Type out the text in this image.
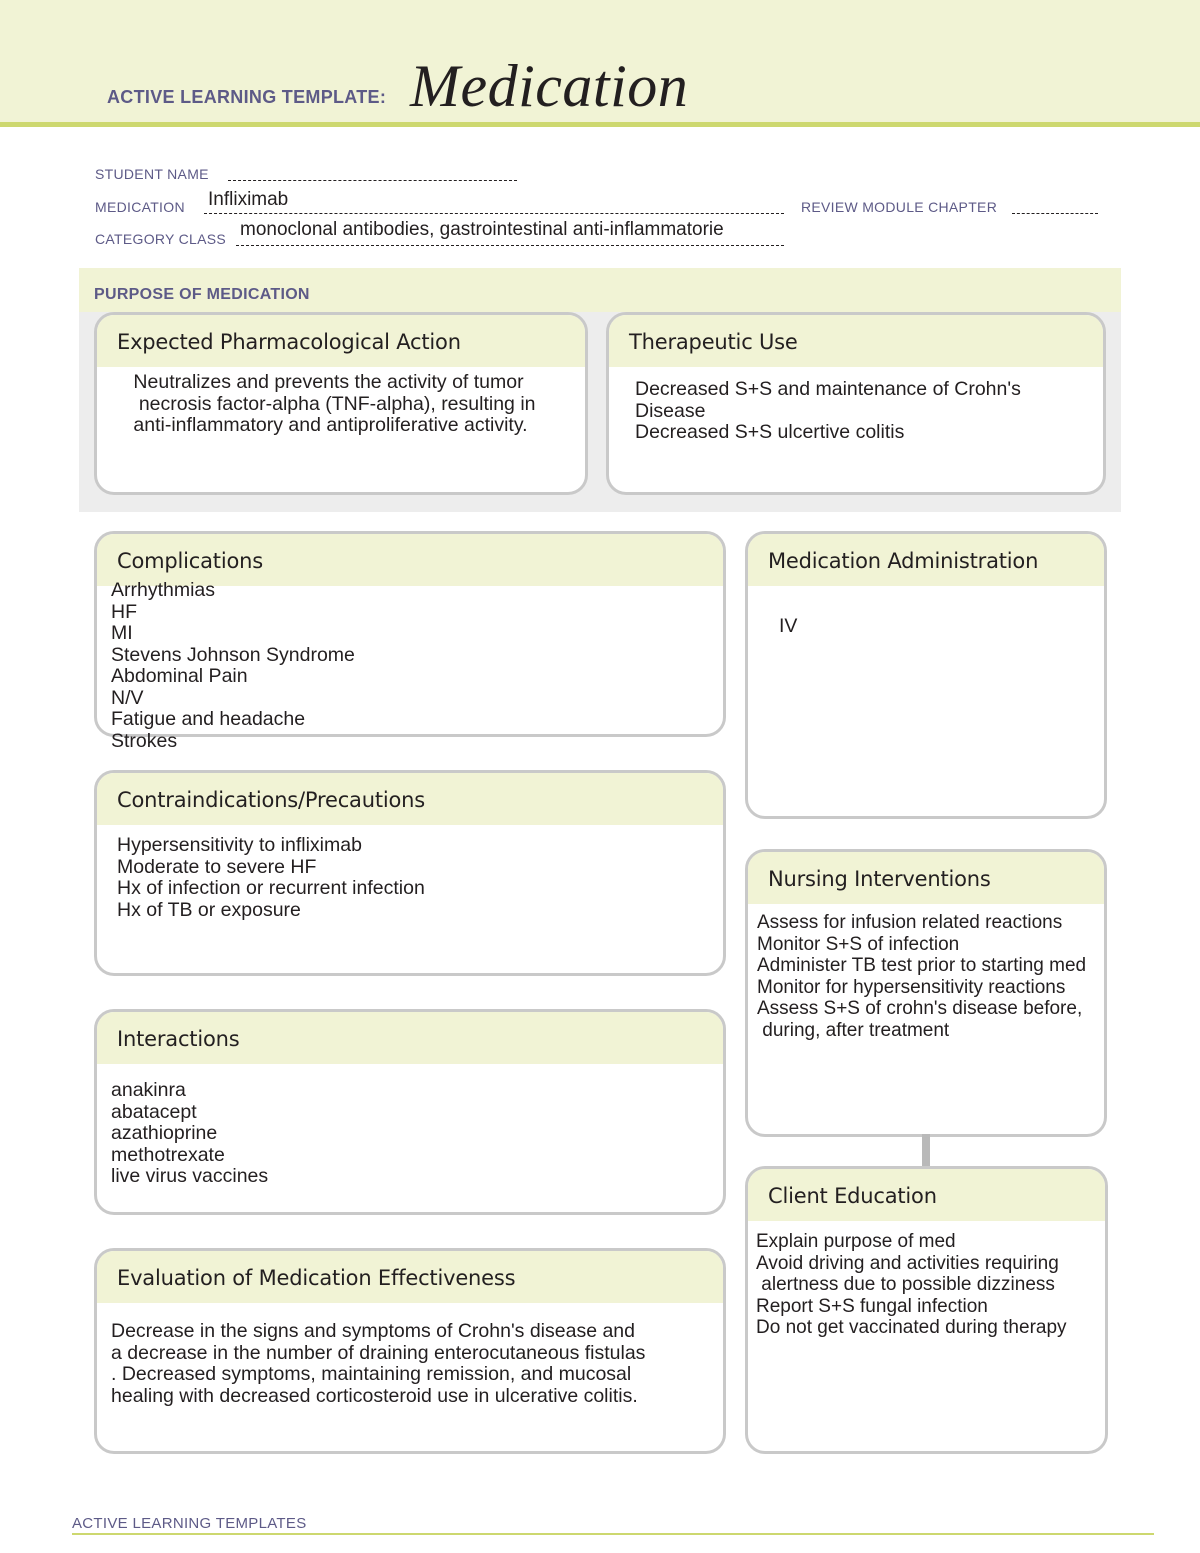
ACTIVE LEARNING TEMPLATE: Medication
STUDENT NAME
MEDICATION Infliximab	REVIEW MODULE CHAPTER
CATEGORY CLASS monoclonal antibodies, gastrointestinal anti-inflammatorie
PURPOSE OF MEDICATION
Expected Pharmacological Action
Neutralizes and prevents the activity of tumor
necrosis factor-alpha (TNF-alpha), resulting in
anti-inflammatory and antiproliferative activity.
Therapeutic Use
Decreased S+S and maintenance of Crohn's
Disease
Decreased S+S ulcertive colitis
Complications
Arrhythmias
HF
MI
Stevens Johnson Syndrome
Abdominal Pain
N/V
Fatigue and headache
Strokes
Contraindications/Precautions
Hypersensitivity to infliximab
Moderate to severe HF
Hx of infection or recurrent infection
Hx of TB or exposure
Interactions
anakinra
abatacept
azathioprine
methotrexate
live virus vaccines
Evaluation of Medication Effectiveness
Decrease in the signs and symptoms of Crohn's disease and
a decrease in the number of draining enterocutaneous fistulas
. Decreased symptoms, maintaining remission, and mucosal
healing with decreased corticosteroid use in ulcerative colitis.
Medication Administration
IV
Nursing Interventions
Assess for infusion related reactions
Monitor S+S of infection
Administer TB test prior to starting med
Monitor for hypersensitivity reactions
Assess S+S of crohn's disease before,
during, after treatment
Client Education
Explain purpose of med
Avoid driving and activities requiring
alertness due to possible dizziness
Report S+S fungal infection
Do not get vaccinated during therapy
ACTIVE LEARNING TEMPLATES
